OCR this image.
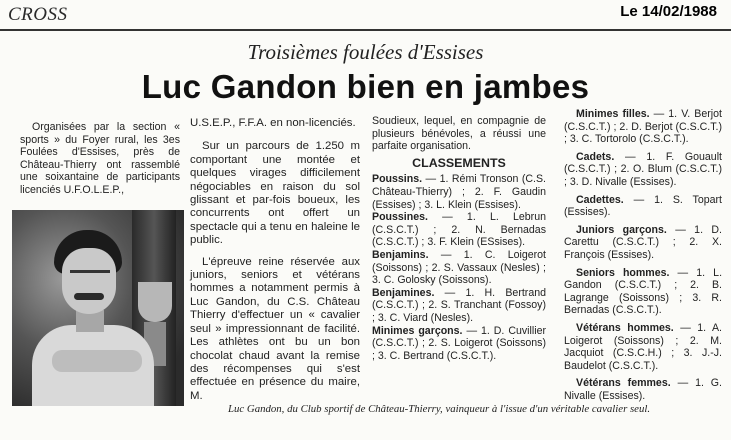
CROSS	Le 14/02/1988
Troisièmes foulées d'Essises
Luc Gandon bien en jambes

Organisées par la section « sports » du Foyer rural, les 3es Foulées d'Essises, près de Château-Thierry ont rassemblé une soixantaine de participants licenciés U.F.O.L.E.P.,

U.S.E.P., F.F.A. en non-licenciés.

Sur un parcours de 1.250 m comportant une montée et quelques virages difficilement négociables en raison du sol glissant et par-fois boueux, les concurrents ont offert un spectacle qui a tenu en haleine le public.

L'épreuve reine réservée aux juniors, seniors et vétérans hommes a notamment permis à Luc Gandon, du C.S. Château Thierry d'effectuer un « cavalier seul » impressionnant de facilité. Les athlètes ont bu un bon chocolat chaud avant la remise des récompenses qui s'est effectuée en présence du maire, M.

Soudieux, lequel, en compagnie de plusieurs bénévoles, a réussi une parfaite organisation.

CLASSEMENTS

Poussins. — 1. Rémi Tronson (C.S. Château-Thierry) ; 2. F. Gaudin (Essises) ; 3. L. Klein (Essises).

Poussines. — 1. L. Lebrun (C.S.C.T.) ; 2. N. Bernadas (C.S.C.T.) ; 3. F. Klein (ESsises).

Benjamins. — 1. C. Loigerot (Soissons) ; 2. S. Vassaux (Nesles) ; 3. C. Golosky (Soissons).

Benjamines. — 1. H. Bertrand (C.S.C.T.) ; 2. S. Tranchant (Fossoy) ; 3. C. Viard (Nesles).

Minimes garçons. — 1. D. Cuvillier (C.S.C.T.) ; 2. S. Loigerot (Soissons) ; 3. C. Bertrand (C.S.C.T.).

Minimes filles. — 1. V. Berjot (C.S.C.T.) ; 2. D. Berjot (C.S.C.T.) ; 3. C. Tortorolo (C.S.C.T.).

Cadets. — 1. F. Gouault (C.S.C.T.) ; 2. O. Blum (C.S.C.T.) ; 3. D. Nivalle (Essises).

Cadettes. — 1. S. Topart (Essises).

Juniors garçons. — 1. D. Carettu (C.S.C.T.) ; 2. X. François (Essises).

Seniors hommes. — 1. L. Gandon (C.S.C.T.) ; 2. B. Lagrange (Soissons) ; 3. R. Bernadas (C.S.C.T.).

Vétérans hommes. — 1. A. Loigerot (Soissons) ; 2. M. Jacquiot (C.S.C.H.) ; 3. J.-J. Baudelot (C.S.C.T.).

Vétérans femmes. — 1. G. Nivalle (Essises).

Luc Gandon, du Club sportif de Château-Thierry, vainqueur à l'issue d'un véritable cavalier seul.
